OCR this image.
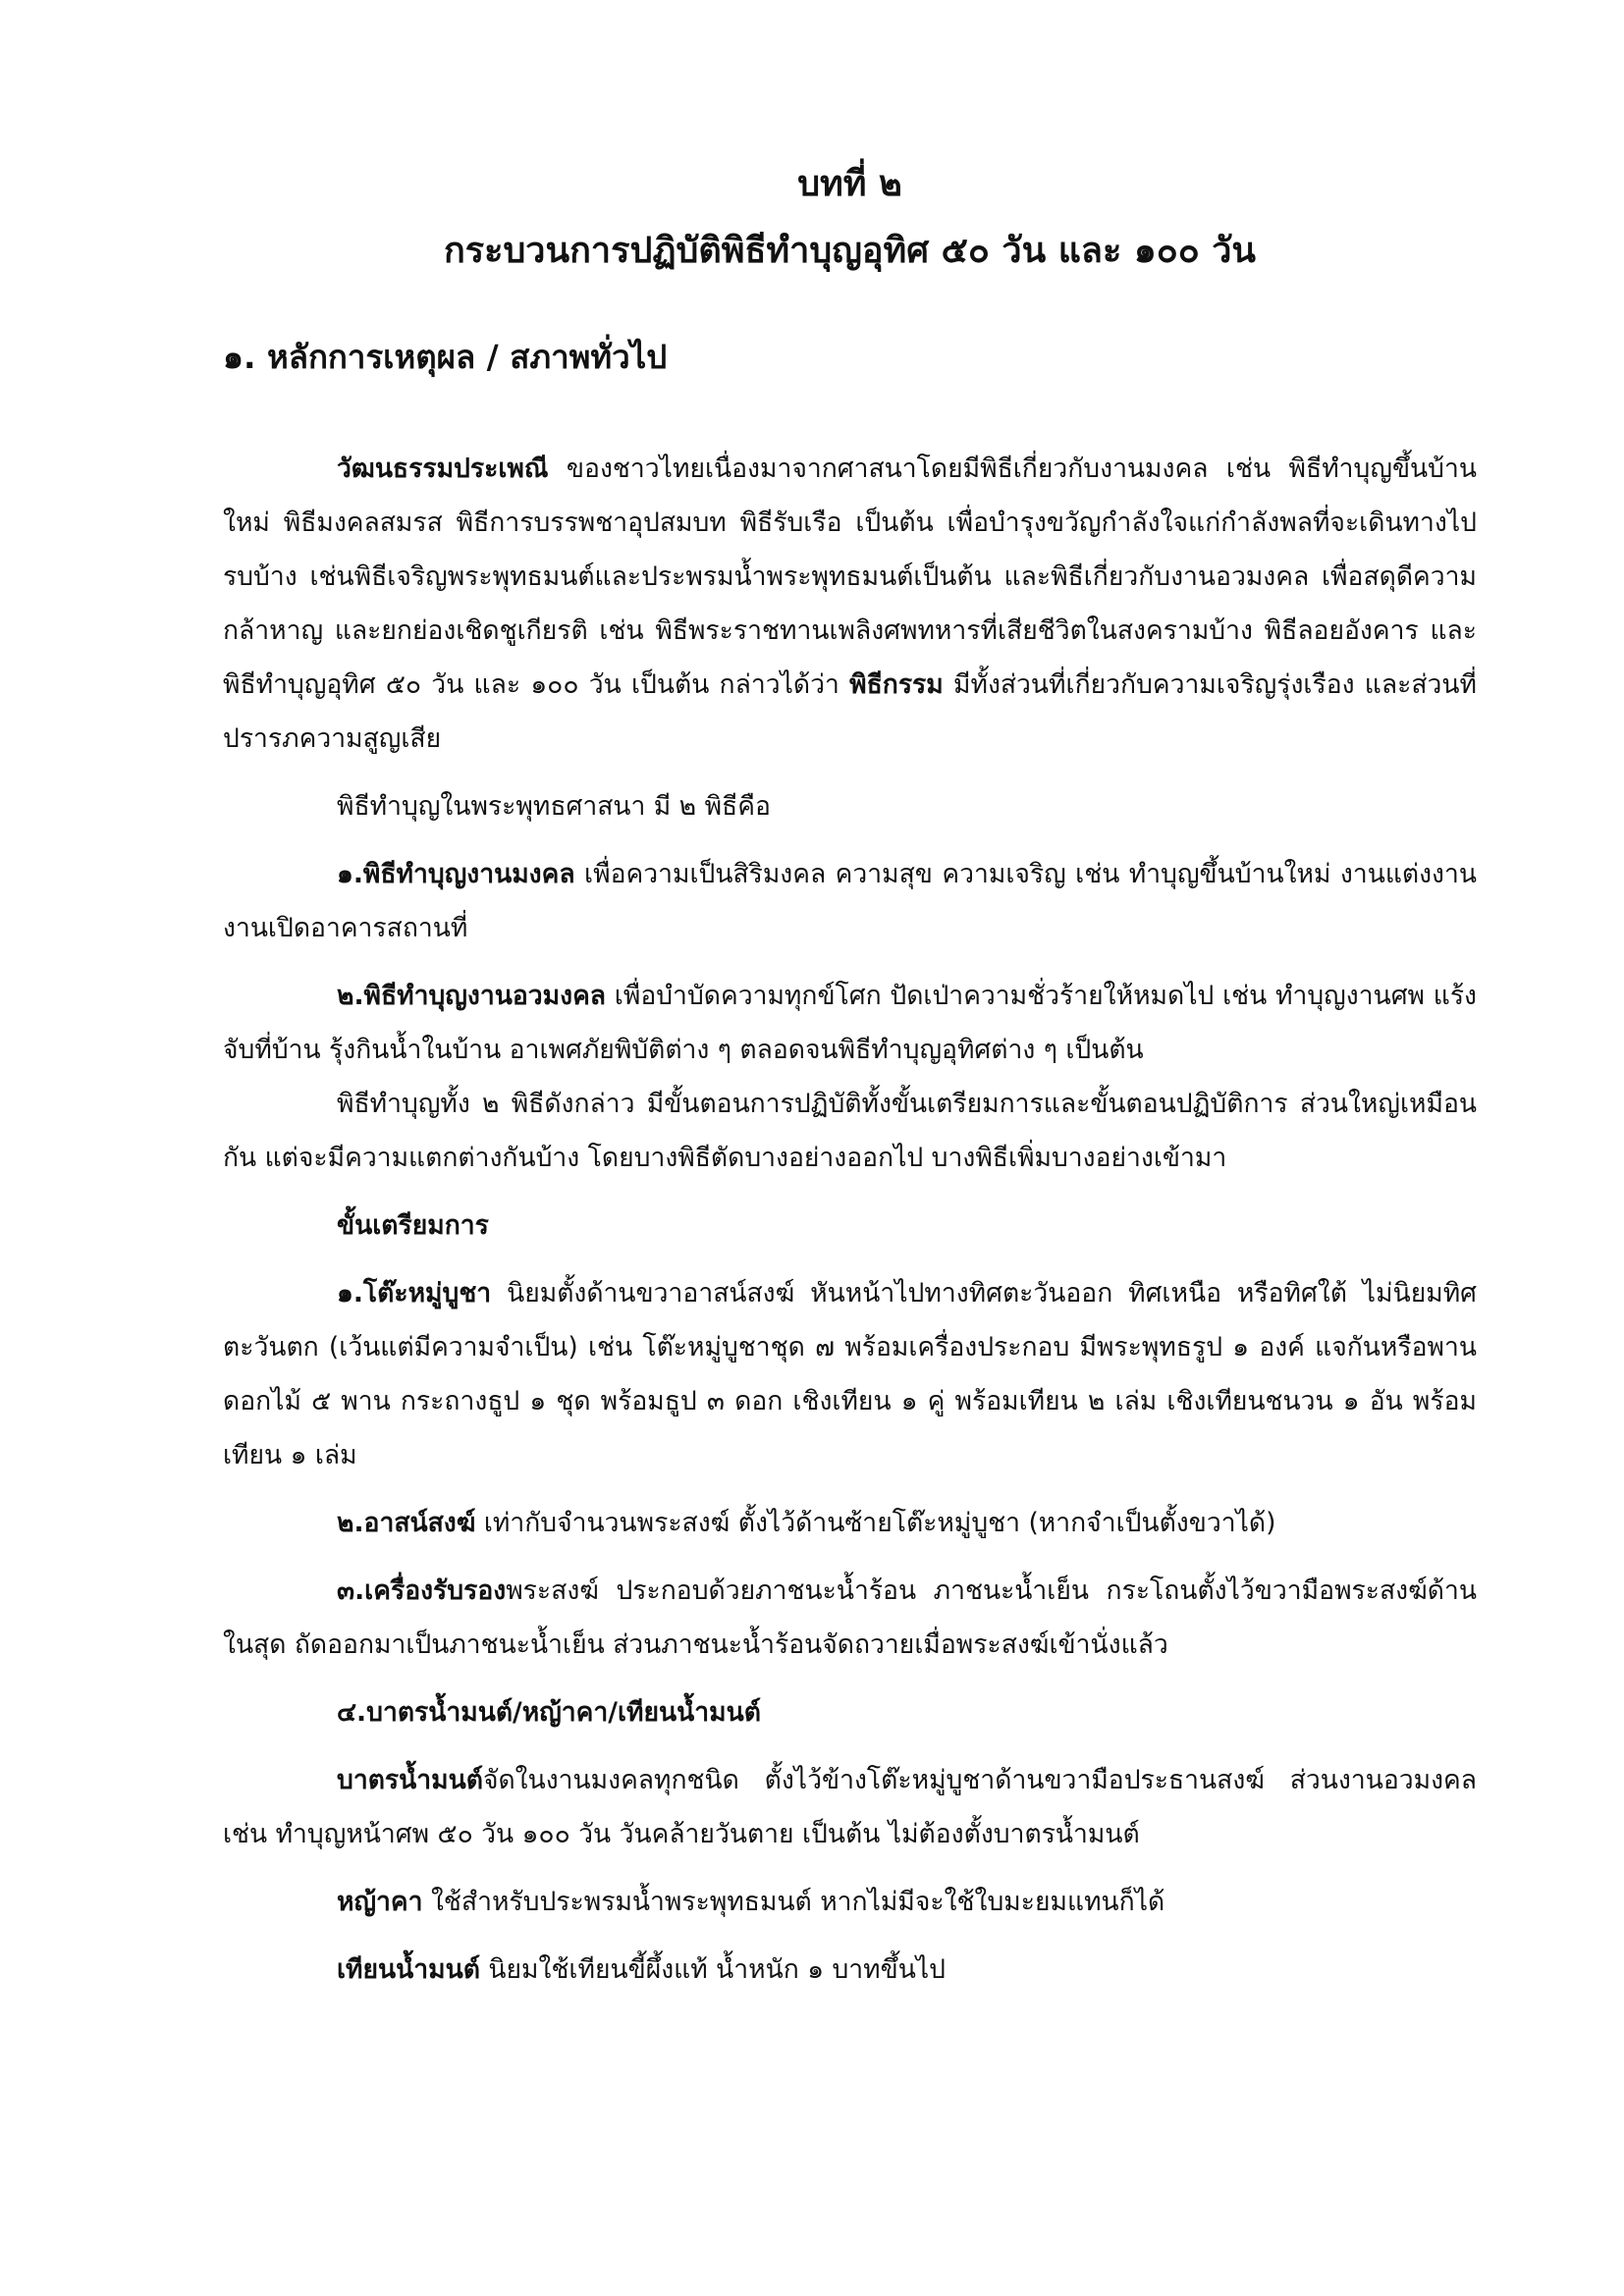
บทที่ ๒
กระบวนการปฏิบัติพิธีทำบุญอุทิศ ๕๐ วัน และ ๑๐๐ วัน
๑. หลักการเหตุผล / สภาพทั่วไป

วัฒนธรรมประเพณี ของชาวไทยเนื่องมาจากศาสนาโดยมีพิธีเกี่ยวกับงานมงคล เช่น พิธีทำบุญขึ้นบ้านใหม่ พิธีมงคลสมรส พิธีการบรรพชาอุปสมบท พิธีรับเรือ เป็นต้น เพื่อบำรุงขวัญกำลังใจแก่กำลังพลที่จะเดินทางไปรบบ้าง เช่นพิธีเจริญพระพุทธมนต์และประพรมน้ำพระพุทธมนต์เป็นต้น และพิธีเกี่ยวกับงานอวมงคล เพื่อสดุดีความกล้าหาญ และยกย่องเชิดชูเกียรติ เช่น พิธีพระราชทานเพลิงศพทหารที่เสียชีวิตในสงครามบ้าง พิธีลอยอังคาร และพิธีทำบุญอุทิศ ๕๐ วัน และ ๑๐๐ วัน เป็นต้น กล่าวได้ว่า พิธีกรรม มีทั้งส่วนที่เกี่ยวกับความเจริญรุ่งเรือง และส่วนที่ปรารภความสูญเสีย

พิธีทำบุญในพระพุทธศาสนา มี ๒ พิธีคือ

๑.พิธีทำบุญงานมงคล เพื่อความเป็นสิริมงคล ความสุข ความเจริญ เช่น ทำบุญขึ้นบ้านใหม่ งานแต่งงาน งานเปิดอาคารสถานที่

๒.พิธีทำบุญงานอวมงคล เพื่อบำบัดความทุกข์โศก ปัดเป่าความชั่วร้ายให้หมดไป เช่น ทำบุญงานศพ แร้งจับที่บ้าน รุ้งกินน้ำในบ้าน อาเพศภัยพิบัติต่าง ๆ ตลอดจนพิธีทำบุญอุทิศต่าง ๆ เป็นต้น

พิธีทำบุญทั้ง ๒ พิธีดังกล่าว มีขั้นตอนการปฏิบัติทั้งขั้นเตรียมการและขั้นตอนปฏิบัติการ ส่วนใหญ่เหมือนกัน แต่จะมีความแตกต่างกันบ้าง โดยบางพิธีตัดบางอย่างออกไป บางพิธีเพิ่มบางอย่างเข้ามา

ขั้นเตรียมการ

๑.โต๊ะหมู่บูชา นิยมตั้งด้านขวาอาสน์สงฆ์ หันหน้าไปทางทิศตะวันออก ทิศเหนือ หรือทิศใต้ ไม่นิยมทิศตะวันตก (เว้นแต่มีความจำเป็น) เช่น โต๊ะหมู่บูชาชุด ๗ พร้อมเครื่องประกอบ มีพระพุทธรูป ๑ องค์ แจกันหรือพานดอกไม้ ๕ พาน กระถางธูป ๑ ชุด พร้อมธูป ๓ ดอก เชิงเทียน ๑ คู่ พร้อมเทียน ๒ เล่ม เชิงเทียนชนวน ๑ อัน พร้อมเทียน ๑ เล่ม

๒.อาสน์สงฆ์ เท่ากับจำนวนพระสงฆ์ ตั้งไว้ด้านซ้ายโต๊ะหมู่บูชา (หากจำเป็นตั้งขวาได้)

๓.เครื่องรับรองพระสงฆ์ ประกอบด้วยภาชนะน้ำร้อน ภาชนะน้ำเย็น กระโถนตั้งไว้ขวามือพระสงฆ์ด้านในสุด ถัดออกมาเป็นภาชนะน้ำเย็น ส่วนภาชนะน้ำร้อนจัดถวายเมื่อพระสงฆ์เข้านั่งแล้ว

๔.บาตรน้ำมนต์/หญ้าคา/เทียนน้ำมนต์

บาตรน้ำมนต์จัดในงานมงคลทุกชนิด ตั้งไว้ข้างโต๊ะหมู่บูชาด้านขวามือประธานสงฆ์ ส่วนงานอวมงคลเช่น ทำบุญหน้าศพ ๕๐ วัน ๑๐๐ วัน วันคล้ายวันตาย เป็นต้น ไม่ต้องตั้งบาตรน้ำมนต์

หญ้าคา ใช้สำหรับประพรมน้ำพระพุทธมนต์ หากไม่มีจะใช้ใบมะยมแทนก็ได้

เทียนน้ำมนต์ นิยมใช้เทียนขี้ผึ้งแท้ น้ำหนัก ๑ บาทขึ้นไป
